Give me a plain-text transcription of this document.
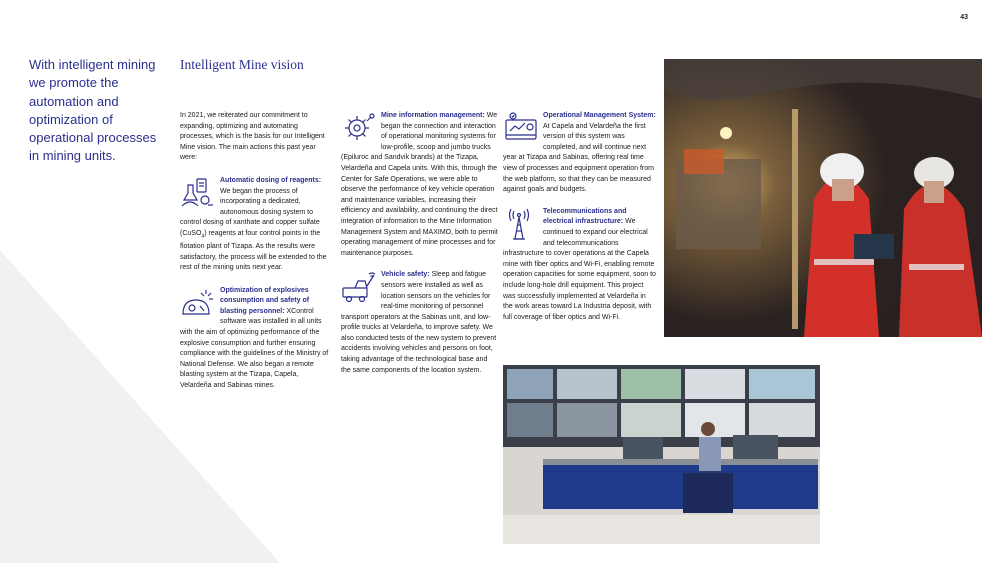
43
With intelligent mining we promote the automation and optimization of operational processes in mining units.
Intelligent Mine vision

In 2021, we reiterated our commitment to expanding, optimizing and automating processes, which is the basis for our Intelligent Mine vision. The main actions this past year were:

Automatic dosing of reagents: We began the process of incorporating a dedicated, autonomous dosing system to control dosing of xanthate and copper sulfate (CuSO$_4$) reagents at four control points in the flotation plant of Tizapa. As the results were satisfactory, the process will be extended to the rest of the mining units next year.

Optimization of explosives consumption and safety of blasting personnel: XControl software was installed in all units with the aim of optimizing performance of the explosive consumption and further ensuring compliance with the guidelines of the Ministry of National Defense. We also began a remote blasting system at the Tizapa, Capela, Velardeña and Sabinas mines.

Mine information management: We began the connection and interaction of operational monitoring systems for low-profile, scoop and jumbo trucks (Epiluroc and Sandvik brands) at the Tizapa, Velardeña and Capela units. With this, through the Center for Safe Operations, we were able to observe the performance of key vehicle operation and maintenance variables, increasing their efficiency and availability, and continuing the direct integration of information to the Mine Information Management System and MAXIMO, both to permit operating management of mine processes and for maintenance purposes.

Vehicle safety: Sleep and fatigue sensors were installed as well as location sensors on the vehicles for real-time monitoring of personnel transport operators at the Sabinas unit, and low-profile trucks at Velardeña, to improve safety. We also conducted tests of the new system to prevent accidents involving vehicles and persons on foot, taking advantage of the technological base and the same components of the location system.

Operational Management System: At Capela and Velardeña the first version of this system was completed, and will continue next year at Tizapa and Sabinas, offering real time view of processes and equipment operation from the web platform, so that they can be measured against goals and budgets.

Telecommunications and electrical infrastructure: We continued to expand our electrical and telecommunications infrastructure to cover operations at the Capela mine with fiber optics and Wi-Fi, enabling remote operation capacities for some equipment, soon to include long-hole drill equipment. This project was successfully implemented at Velardeña in the work areas toward La Industria deposit, with full coverage of fiber optics and Wi-Fi.
